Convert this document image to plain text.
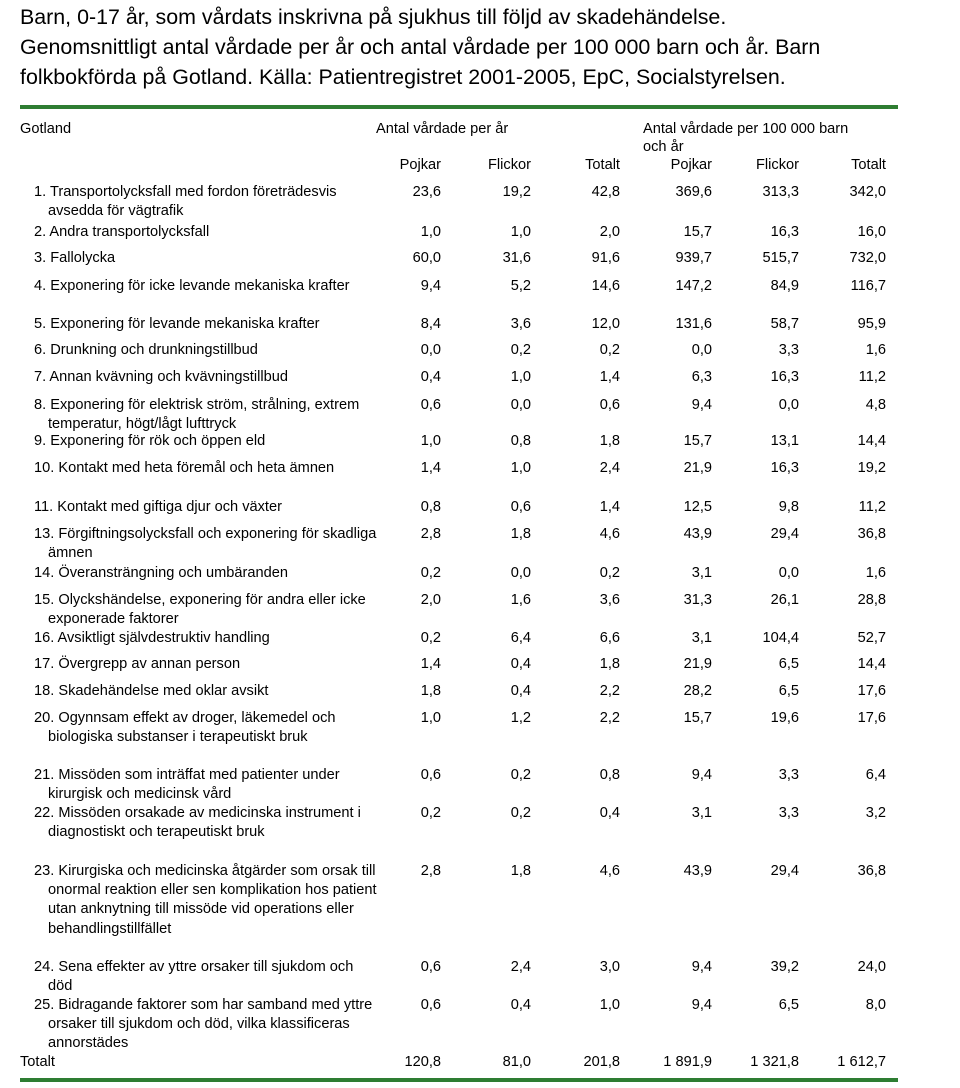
Barn, 0-17 år, som vårdats inskrivna på sjukhus till följd av skadehändelse.
Genomsnittligt antal vårdade per år och antal vårdade per 100 000 barn och år. Barn
folkbokförda på Gotland. Källa: Patientregistret 2001-2005, EpC, Socialstyrelsen.
Gotland	Antal vårdade per år	Antal vårdade per 100 000 barn
och år
Pojkar	Flickor	Totalt	Pojkar	Flickor	Totalt
1. Transportolycksfall med fordon företrädesvis avsedda för vägtrafik
23,6	19,2	42,8	369,6	313,3	342,0
2. Andra transportolycksfall	1,0	1,0	2,0	15,7	16,3	16,0
3. Fallolycka	60,0	31,6	91,6	939,7	515,7	732,0
4. Exponering för icke levande mekaniska krafter	9,4	5,2	14,6	147,2	84,9	116,7
5. Exponering för levande mekaniska krafter	8,4	3,6	12,0	131,6	58,7	95,9
6. Drunkning och drunkningstillbud	0,0	0,2	0,2	0,0	3,3	1,6
7. Annan kvävning och kvävningstillbud	0,4	1,0	1,4	6,3	16,3	11,2
8. Exponering för elektrisk ström, strålning, extrem temperatur, högt/lågt lufttryck
0,6	0,0	0,6	9,4	0,0	4,8
9. Exponering för rök och öppen eld	1,0	0,8	1,8	15,7	13,1	14,4
10. Kontakt med heta föremål och heta ämnen	1,4	1,0	2,4	21,9	16,3	19,2
11. Kontakt med giftiga djur och växter	0,8	0,6	1,4	12,5	9,8	11,2
13. Förgiftningsolycksfall och exponering för skadliga ämnen
2,8	1,8	4,6	43,9	29,4	36,8
14. Överansträngning och umbäranden	0,2	0,0	0,2	3,1	0,0	1,6
15. Olyckshändelse, exponering för andra eller icke exponerade faktorer
2,0	1,6	3,6	31,3	26,1	28,8
16. Avsiktligt självdestruktiv handling	0,2	6,4	6,6	3,1	104,4	52,7
17. Övergrepp av annan person	1,4	0,4	1,8	21,9	6,5	14,4
18. Skadehändelse med oklar avsikt	1,8	0,4	2,2	28,2	6,5	17,6
20. Ogynnsam effekt av droger, läkemedel och biologiska substanser i terapeutiskt bruk
1,0	1,2	2,2	15,7	19,6	17,6
21. Missöden som inträffat med patienter under kirurgisk och medicinsk vård
0,6	0,2	0,8	9,4	3,3	6,4
22. Missöden orsakade av medicinska instrument i diagnostiskt och terapeutiskt bruk
0,2	0,2	0,4	3,1	3,3	3,2
23. Kirurgiska och medicinska åtgärder som orsak till onormal reaktion eller sen komplikation hos patient utan anknytning till missöde vid operations eller behandlingstillfället
2,8	1,8	4,6	43,9	29,4	36,8
24. Sena effekter av yttre orsaker till sjukdom och död
0,6	2,4	3,0	9,4	39,2	24,0
25. Bidragande faktorer som har samband med yttre orsaker till sjukdom och död, vilka klassificeras annorstädes
0,6	0,4	1,0	9,4	6,5	8,0
Totalt	120,8	81,0	201,8	1 891,9	1 321,8	1 612,7
